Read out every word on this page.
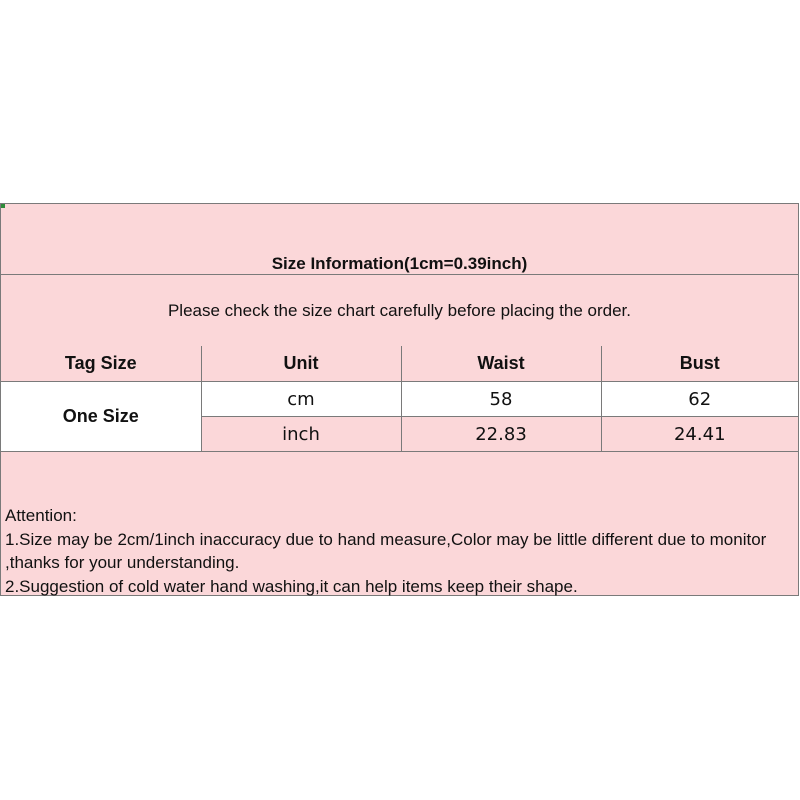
Size Information(1cm=0.39inch)
Please check the size chart carefully before placing the order.
Tag Size	Unit	Waist	Bust
One Size	cm	58	62
	inch	22.83	24.41
Attention:
1.Size may be 2cm/1inch inaccuracy due to hand measure,Color may be little different due to monitor ,thanks for your understanding.
2.Suggestion of cold water hand washing,it can help items keep their shape.
